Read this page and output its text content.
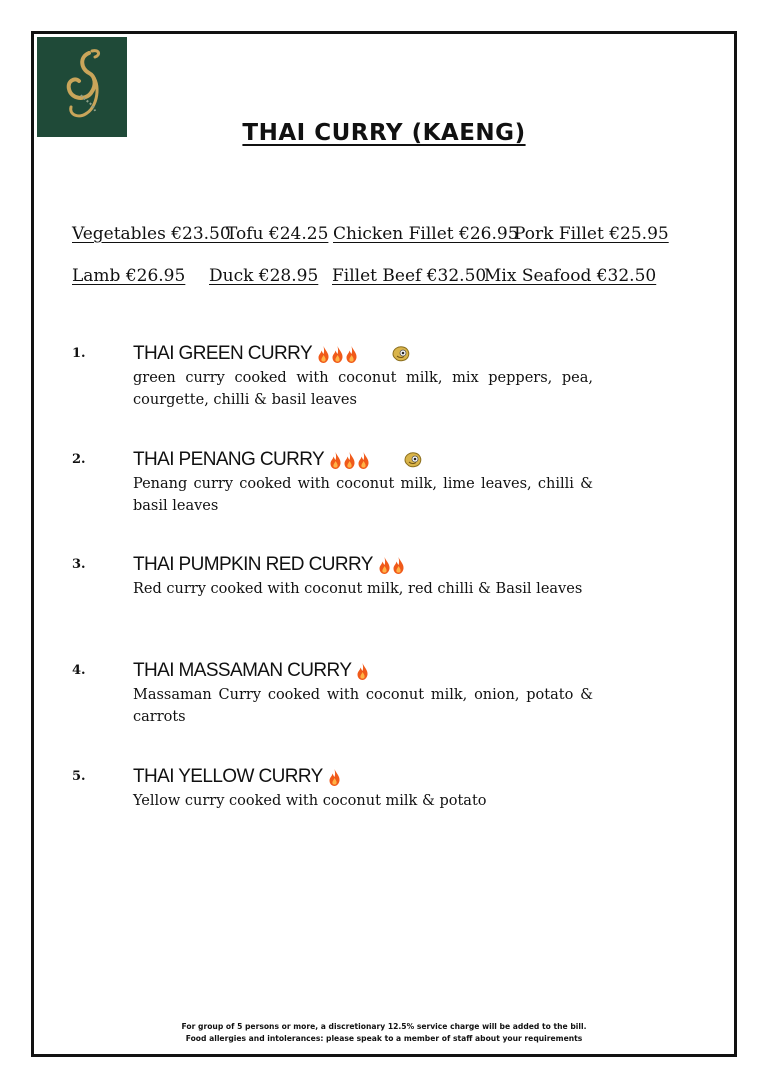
THAI CURRY (KAENG)
Vegetables €23.50
Tofu €24.25 Chicken Fillet €26.95
Pork Fillet €25.95
Lamb €26.95 Duck €28.95 Fillet Beef €32.50
Mix Seafood €32.50
1. THAI GREEN CURRY
green curry cooked with coconut milk, mix peppers, pea, courgette, chilli & basil leaves
2. THAI PENANG CURRY
Penang curry cooked with coconut milk, lime leaves, chilli & basil leaves
3. THAI PUMPKIN RED CURRY
Red curry cooked with coconut milk, red chilli & Basil leaves
4. THAI MASSAMAN CURRY
Massaman Curry cooked with coconut milk, onion, potato & carrots
5. THAI YELLOW CURRY
Yellow curry cooked with coconut milk & potato
For group of 5 persons or more, a discretionary 12.5% service charge will be added to the bill.
Food allergies and intolerances: please speak to a member of staff about your requirements
